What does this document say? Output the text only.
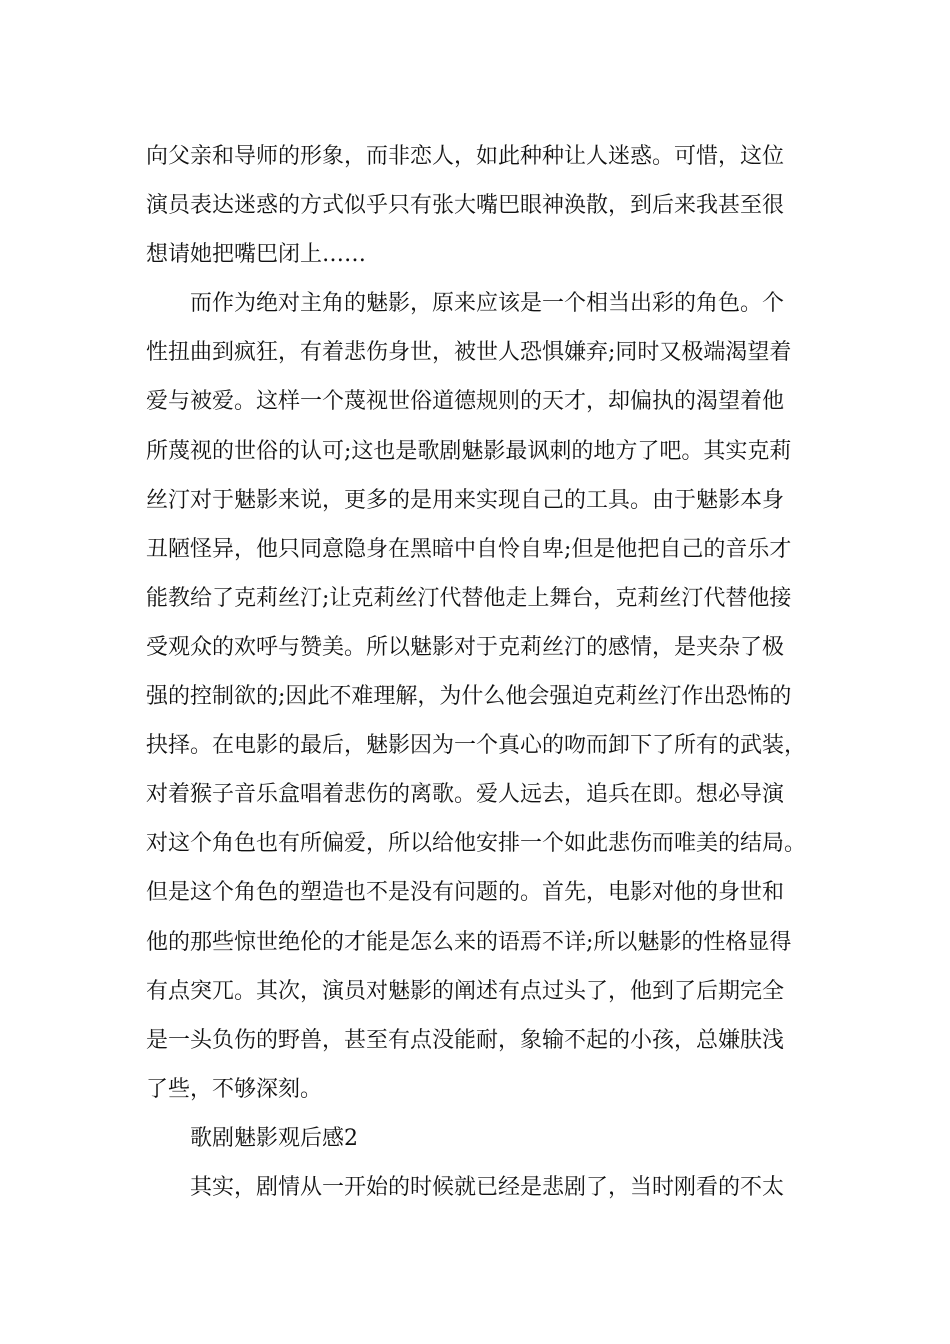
向父亲和导师的形象，而非恋人，如此种种让人迷惑。可惜，这位
演员表达迷惑的方式似乎只有张大嘴巴眼神涣散，到后来我甚至很
想请她把嘴巴闭上……
　　而作为绝对主角的魅影，原来应该是一个相当出彩的角色。个
性扭曲到疯狂，有着悲伤身世，被世人恐惧嫌弃;同时又极端渴望着
爱与被爱。这样一个蔑视世俗道德规则的天才，却偏执的渴望着他
所蔑视的世俗的认可;这也是歌剧魅影最讽刺的地方了吧。其实克莉
丝汀对于魅影来说，更多的是用来实现自己的工具。由于魅影本身
丑陋怪异，他只同意隐身在黑暗中自怜自卑;但是他把自己的音乐才
能教给了克莉丝汀;让克莉丝汀代替他走上舞台，克莉丝汀代替他接
受观众的欢呼与赞美。所以魅影对于克莉丝汀的感情，是夹杂了极
强的控制欲的;因此不难理解，为什么他会强迫克莉丝汀作出恐怖的
抉择。在电影的最后，魅影因为一个真心的吻而卸下了所有的武装，
对着猴子音乐盒唱着悲伤的离歌。爱人远去，追兵在即。想必导演
对这个角色也有所偏爱，所以给他安排一个如此悲伤而唯美的结局。
但是这个角色的塑造也不是没有问题的。首先，电影对他的身世和
他的那些惊世绝伦的才能是怎么来的语焉不详;所以魅影的性格显得
有点突兀。其次，演员对魅影的阐述有点过头了，他到了后期完全
是一头负伤的野兽，甚至有点没能耐，象输不起的小孩，总嫌肤浅
了些，不够深刻。
　　歌剧魅影观后感2
　　其实，剧情从一开始的时候就已经是悲剧了，当时刚看的不太
